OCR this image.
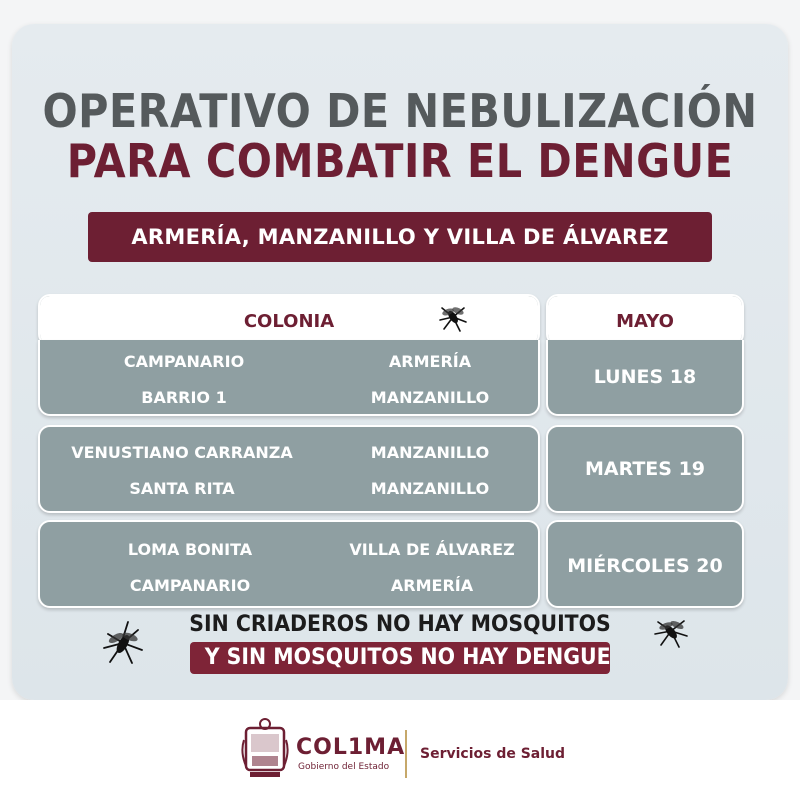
OPERATIVO DE NEBULIZACIÓN
PARA COMBATIR EL DENGUE
ARMERÍA, MANZANILLO Y VILLA DE ÁLVAREZ
COLONIA	MAYO
CAMPANARIO	ARMERÍA
BARRIO 1	MANZANILLO
LUNES 18
VENUSTIANO CARRANZA	MANZANILLO
SANTA RITA	MANZANILLO
MARTES 19
LOMA BONITA	VILLA DE ÁLVAREZ
CAMPANARIO	ARMERÍA
MIÉRCOLES 20
SIN CRIADEROS NO HAY MOSQUITOS
Y SIN MOSQUITOS NO HAY DENGUE
COL1MA
Gobierno del Estado
Servicios de Salud
